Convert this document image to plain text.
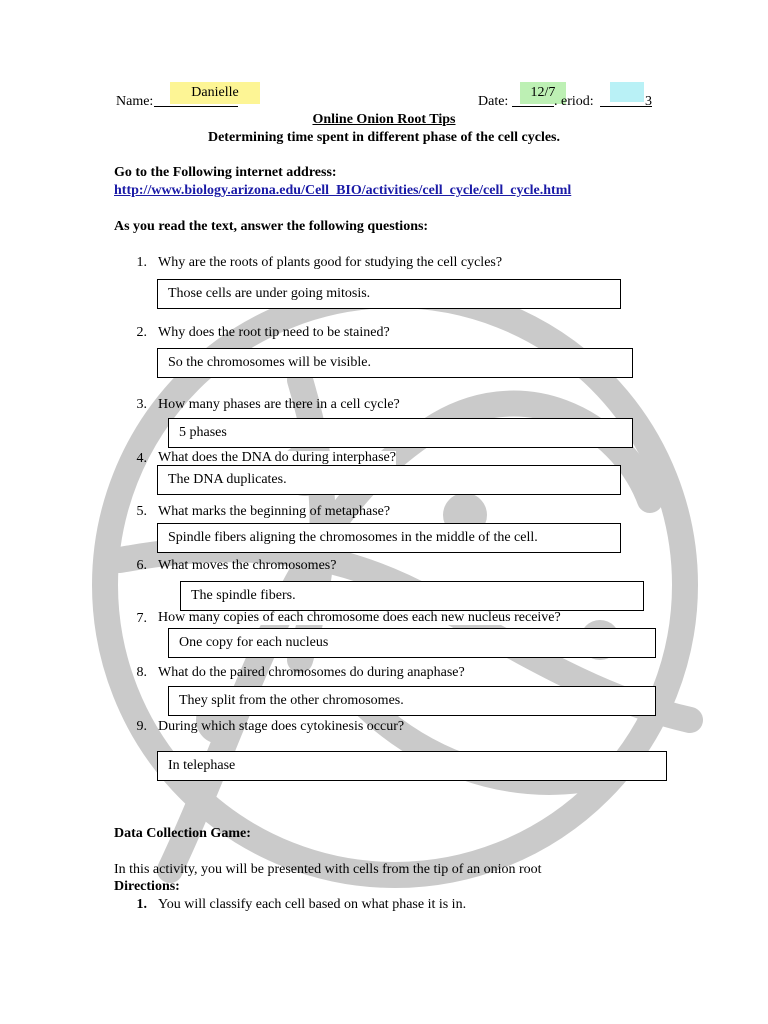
Danielle
Name:
12/7
Date:	. eriod:	3
Online Onion Root Tips
Determining time spent in different phase of the cell cycles.
Go to the Following internet address:
http://www.biology.arizona.edu/Cell_BIO/activities/cell_cycle/cell_cycle.html
As you read the text, answer the following questions:
1. Why are the roots of plants good for studying the cell cycles?
Those cells are under going mitosis.
2. Why does the root tip need to be stained?
So the chromosomes will be visible.
3. How many phases are there in a cell cycle?
5 phases
4.
The DNA duplicates.
What does the DNA do during interphase?
5. What marks the beginning of metaphase?
Spindle fibers aligning the chromosomes in the middle of the cell.
6. What moves the chromosomes?
The spindle fibers.
7.
One copy for each nucleus
How many copies of each chromosome does each new nucleus receive?
8. What do the paired chromosomes do during anaphase?
They split from the other chromosomes.
9. During which stage does cytokinesis occur?
In telephase
Data Collection Game:
In this activity, you will be presented with cells from the tip of an onion root
Directions:
1. You will classify each cell based on what phase it is in.
